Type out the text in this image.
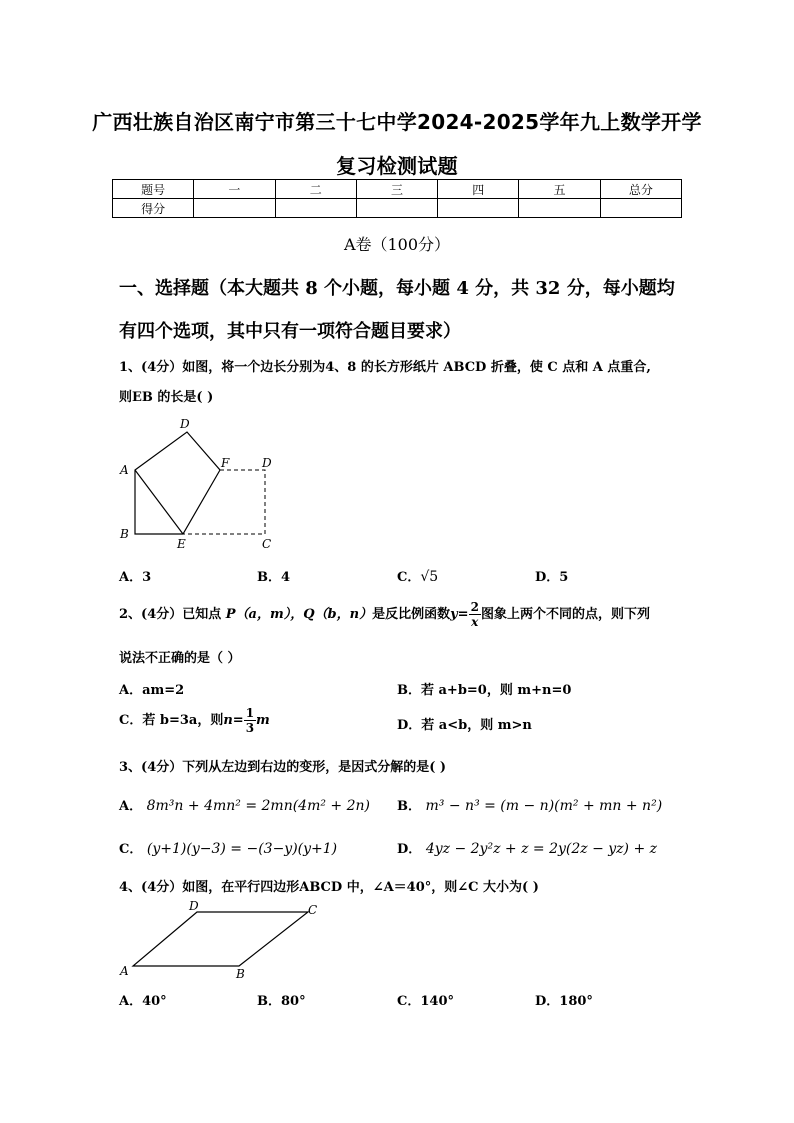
广西壮族自治区南宁市第三十七中学2024-2025学年九上数学开学
复习检测试题
题号	一	二	三	四	五	总分
得分						
A卷（100分）
一、选择题（本大题共 8 个小题，每小题 4 分，共 32 分，每小题均
有四个选项，其中只有一项符合题目要求）
1、(4分）如图，将一个边长分别为4、8 的长方形纸片 ABCD 折叠，使 C 点和 A 点重合,
则EB 的长是( )
D
A	F	D
B
E	C
A．3	B．4	C．√5	D．5
2、(4分）已知点 P（a，m），Q（b，n）是反比例函数$y= \frac{2}{x}$ 图象上两个不同的点，则下列
说法不正确的是（ ）
A．am=2	B．若 a+b=0，则 m+n=0
C．若 b=3a，则$n= \frac{1}{3}$ m	D．若 a<b，则 m>n
3、(4分）下列从左边到右边的变形，是因式分解的是( )
A． 8m³n + 4mn² = 2mn(4m² + 2n) B． m³ − n³ = (m − n)(m² + mn + n²)
C． (y+1)(y−3) = −(3−y)(y+1)	D． 4yz − 2y²z + z = 2y(2z − yz) + z
4、(4分）如图，在平行四边形ABCD 中，∠A＝40°，则∠C 大小为( )
D	C
A	B
A．40°	B．80°	C．140°	D．180°
